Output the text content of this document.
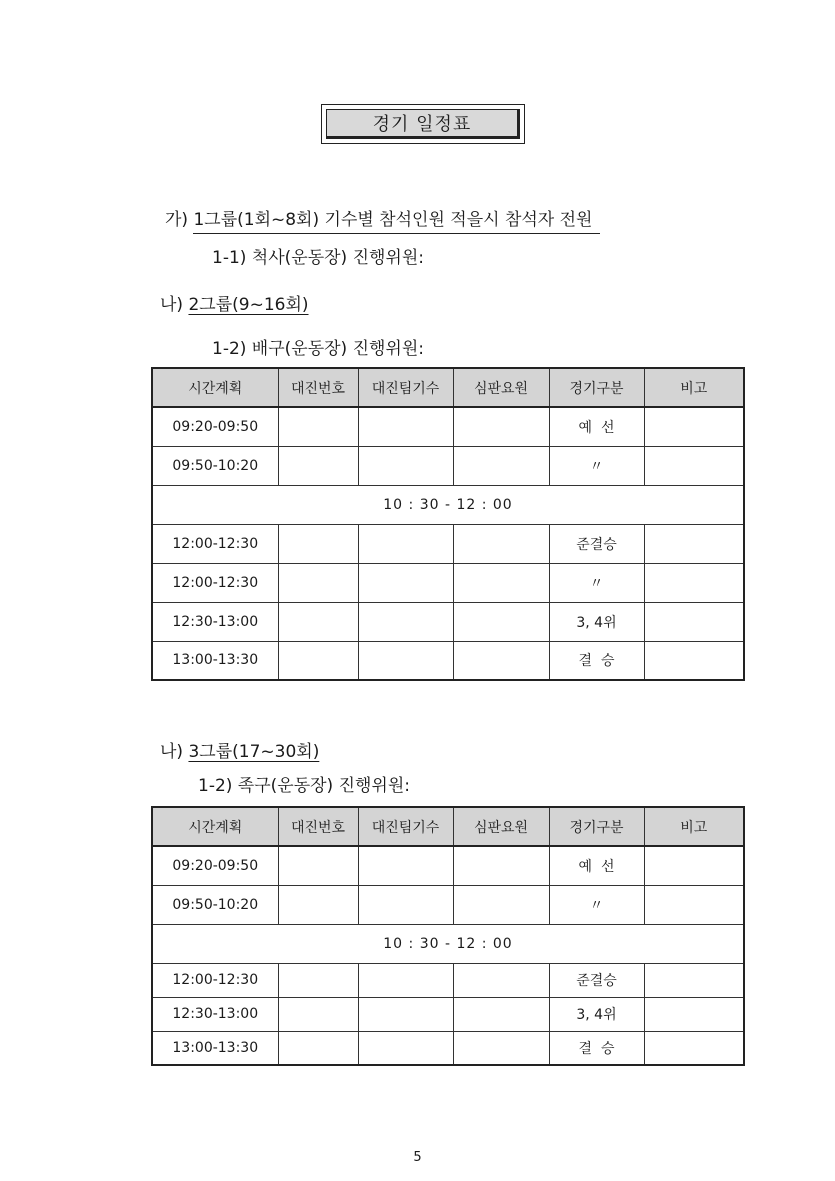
경기 일정표
가) 1그룹(1회~8회) 기수별 참석인원 적을시 참석자 전원
1-1) 척사(운동장) 진행위원:
나) 2그룹(9~16회)
1-2) 배구(운동장) 진행위원:
시간계획	대진번호	대진팀기수	심판요원	경기구분	비고
09:20-09:50				예  선	
09:50-10:20				〃	
10 : 30 - 12 : 00					
12:00-12:30				준결승	
12:00-12:30				〃	
12:30-13:00				3, 4위	
13:00-13:30				결  승	
나) 3그룹(17~30회)
1-2) 족구(운동장) 진행위원:
시간계획	대진번호	대진팀기수	심판요원	경기구분	비고
09:20-09:50				예  선	
09:50-10:20				〃	
10 : 30 - 12 : 00					
12:00-12:30				준결승	
12:30-13:00				3, 4위	
13:00-13:30				결  승	
5
